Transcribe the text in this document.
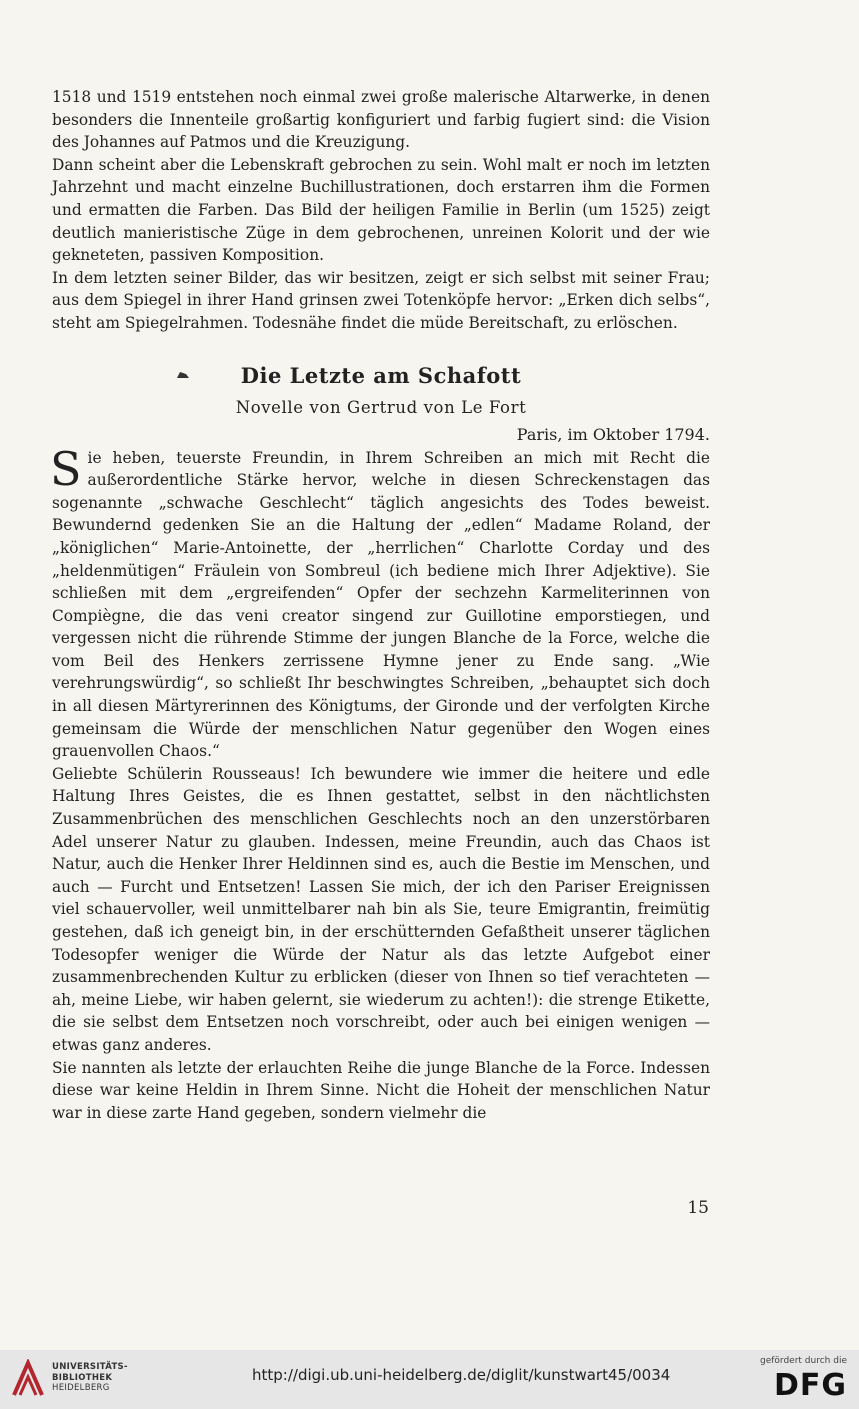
1518 und 1519 entstehen noch einmal zwei große malerische Altarwerke, in denen besonders die Innenteile großartig konfiguriert und farbig fugiert sind: die Vision des Johannes auf Patmos und die Kreuzigung.

Dann scheint aber die Lebenskraft gebrochen zu sein. Wohl malt er noch im letzten Jahrzehnt und macht einzelne Buchillustrationen, doch erstarren ihm die Formen und ermatten die Farben. Das Bild der heiligen Familie in Berlin (um 1525) zeigt deutlich manieristische Züge in dem gebrochenen, unreinen Kolorit und der wie gekneteten, passiven Komposition.

In dem letzten seiner Bilder, das wir besitzen, zeigt er sich selbst mit seiner Frau; aus dem Spiegel in ihrer Hand grinsen zwei Totenköpfe hervor: „Erken dich selbs“, steht am Spiegelrahmen. Todesnähe findet die müde Bereitschaft, zu erlöschen.

Die Letzte am Schafott
Novelle von Gertrud von Le Fort
Paris, im Oktober 1794.

Sie heben, teuerste Freundin, in Ihrem Schreiben an mich mit Recht die außerordentliche Stärke hervor, welche in diesen Schreckenstagen das sogenannte „schwache Geschlecht“ täglich angesichts des Todes beweist. Bewundernd gedenken Sie an die Haltung der „edlen“ Madame Roland, der „königlichen“ Marie-Antoinette, der „herrlichen“ Charlotte Corday und des „heldenmütigen“ Fräulein von Sombreul (ich bediene mich Ihrer Adjektive). Sie schließen mit dem „ergreifenden“ Opfer der sechzehn Karmeliterinnen von Compiègne, die das veni creator singend zur Guillotine emporstiegen, und vergessen nicht die rührende Stimme der jungen Blanche de la Force, welche die vom Beil des Henkers zerrissene Hymne jener zu Ende sang. „Wie verehrungswürdig“, so schließt Ihr beschwingtes Schreiben, „behauptet sich doch in all diesen Märtyrerinnen des Königtums, der Gironde und der verfolgten Kirche gemeinsam die Würde der menschlichen Natur gegenüber den Wogen eines grauenvollen Chaos.“

Geliebte Schülerin Rousseaus! Ich bewundere wie immer die heitere und edle Haltung Ihres Geistes, die es Ihnen gestattet, selbst in den nächtlichsten Zusammenbrüchen des menschlichen Geschlechts noch an den unzerstörbaren Adel unserer Natur zu glauben. Indessen, meine Freundin, auch das Chaos ist Natur, auch die Henker Ihrer Heldinnen sind es, auch die Bestie im Menschen, und auch — Furcht und Entsetzen! Lassen Sie mich, der ich den Pariser Ereignissen viel schauervoller, weil unmittelbarer nah bin als Sie, teure Emigrantin, freimütig gestehen, daß ich geneigt bin, in der erschütternden Gefaßtheit unserer täglichen Todesopfer weniger die Würde der Natur als das letzte Aufgebot einer zusammenbrechenden Kultur zu erblicken (dieser von Ihnen so tief verachteten — ah, meine Liebe, wir haben gelernt, sie wiederum zu achten!): die strenge Etikette, die sie selbst dem Entsetzen noch vorschreibt, oder auch bei einigen wenigen — etwas ganz anderes.

Sie nannten als letzte der erlauchten Reihe die junge Blanche de la Force. Indessen diese war keine Heldin in Ihrem Sinne. Nicht die Hoheit der menschlichen Natur war in diese zarte Hand gegeben, sondern vielmehr die

15
UNIVERSITÄTS-
BIBLIOTHEK
HEIDELBERG
http://digi.ub.uni-heidelberg.de/diglit/kunstwart45/0034
gefördert durch die
DFG
